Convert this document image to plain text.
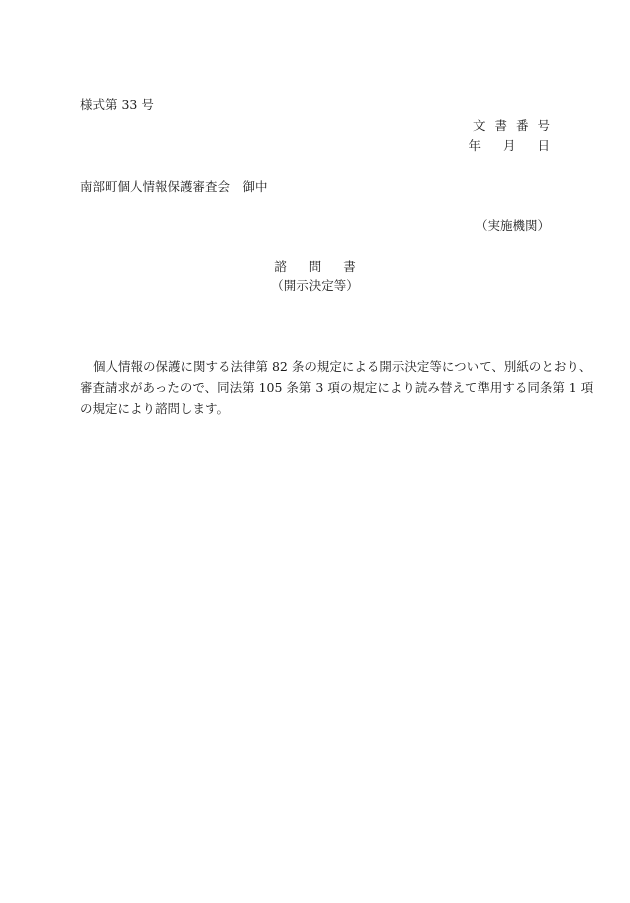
様式第 33 号
文書番号
年 月 日
南部町個人情報保護審査会　御中
（実施機関）
諮問書
（開示決定等）
個人情報の保護に関する法律第 82 条の規定による開示決定等について、別紙のとおり、
審査請求があったので、同法第 105 条第 3 項の規定により読み替えて準用する同条第 1 項
の規定により諮問します。
